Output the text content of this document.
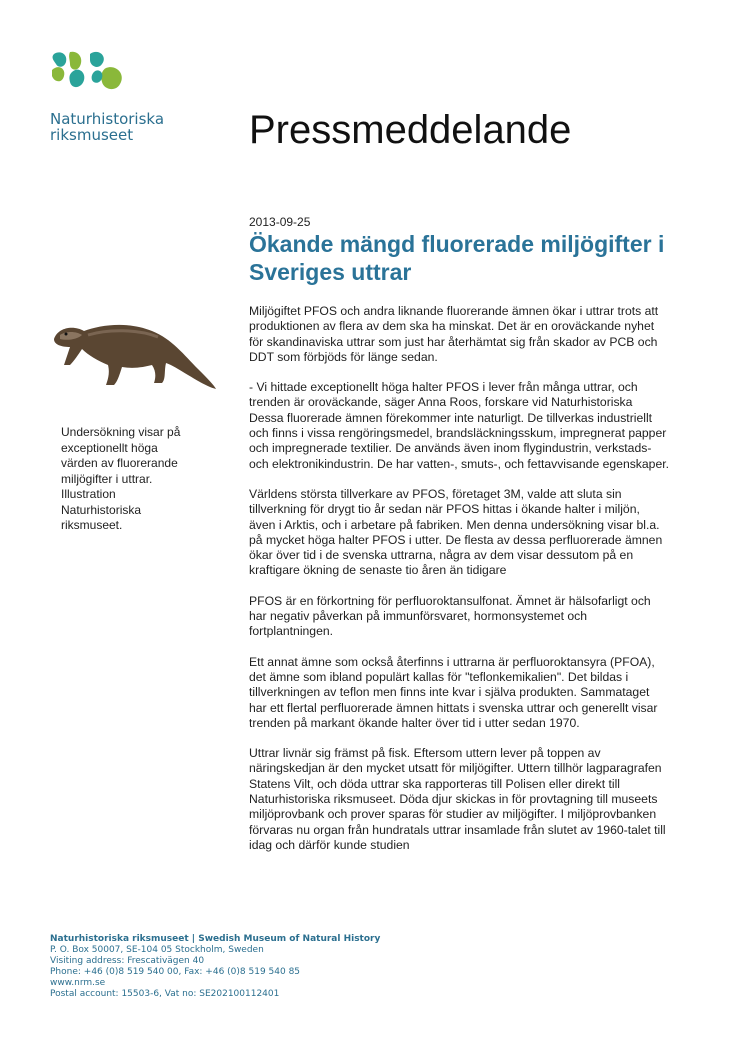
Naturhistoriska
riksmuseet	Pressmeddelande
2013-09-25
Ökande mängd fluorerade miljögifter i Sveriges uttrar

Miljögiftet PFOS och andra liknande fluorerande ämnen ökar i uttrar trots att produktionen av flera av dem ska ha minskat. Det är en oroväckande nyhet för skandinaviska uttrar som just har återhämtat sig från skador av PCB och DDT som förbjöds för länge sedan.

- Vi hittade exceptionellt höga halter PFOS i lever från många uttrar, och trenden är oroväckande, säger Anna Roos, forskare vid Naturhistoriska Dessa fluorerade ämnen förekommer inte naturligt. De tillverkas industriellt och finns i vissa rengöringsmedel, brandsläckningsskum, impregnerat papper och impregnerade textilier. De används även inom flygindustrin, verkstads- och elektronikindustrin. De har vatten-, smuts-, och fettavvisande egenskaper.

Världens största tillverkare av PFOS, företaget 3M, valde att sluta sin tillverkning för drygt tio år sedan när PFOS hittas i ökande halter i miljön, även i Arktis, och i arbetare på fabriken. Men denna undersökning visar bl.a. på mycket höga halter PFOS i utter. De flesta av dessa perfluorerade ämnen ökar över tid i de svenska uttrarna, några av dem visar dessutom på en kraftigare ökning de senaste tio åren än tidigare

PFOS är en förkortning för perfluoroktansulfonat. Ämnet är hälsofarligt och har negativ påverkan på immunförsvaret, hormonsystemet och fortplantningen.

Ett annat ämne som också återfinns i uttrarna är perfluoroktansyra (PFOA), det ämne som ibland populärt kallas för "teflonkemikalien". Det bildas i tillverkningen av teflon men finns inte kvar i själva produkten. Sammataget har ett flertal perfluorerade ämnen hittats i svenska uttrar och generellt visar trenden på markant ökande halter över tid i utter sedan 1970.

Uttrar livnär sig främst på fisk. Eftersom uttern lever på toppen av näringskedjan är den mycket utsatt för miljögifter. Uttern tillhör lagparagrafen Statens Vilt, och döda uttrar ska rapporteras till Polisen eller direkt till Naturhistoriska riksmuseet. Döda djur skickas in för provtagning till museets miljöprovbank och prover sparas för studier av miljögifter. I miljöprovbanken förvaras nu organ från hundratals uttrar insamlade från slutet av 1960-talet till idag och därför kunde studien

Undersökning visar på exceptionellt höga värden av fluorerande miljögifter i uttrar. Illustration Naturhistoriska riksmuseet.
Naturhistoriska riksmuseet | Swedish Museum of Natural History
P. O. Box 50007, SE-104 05 Stockholm, Sweden
Visiting address: Frescativägen 40
Phone: +46 (0)8 519 540 00, Fax: +46 (0)8 519 540 85
www.nrm.se
Postal account: 15503-6, Vat no: SE202100112401
